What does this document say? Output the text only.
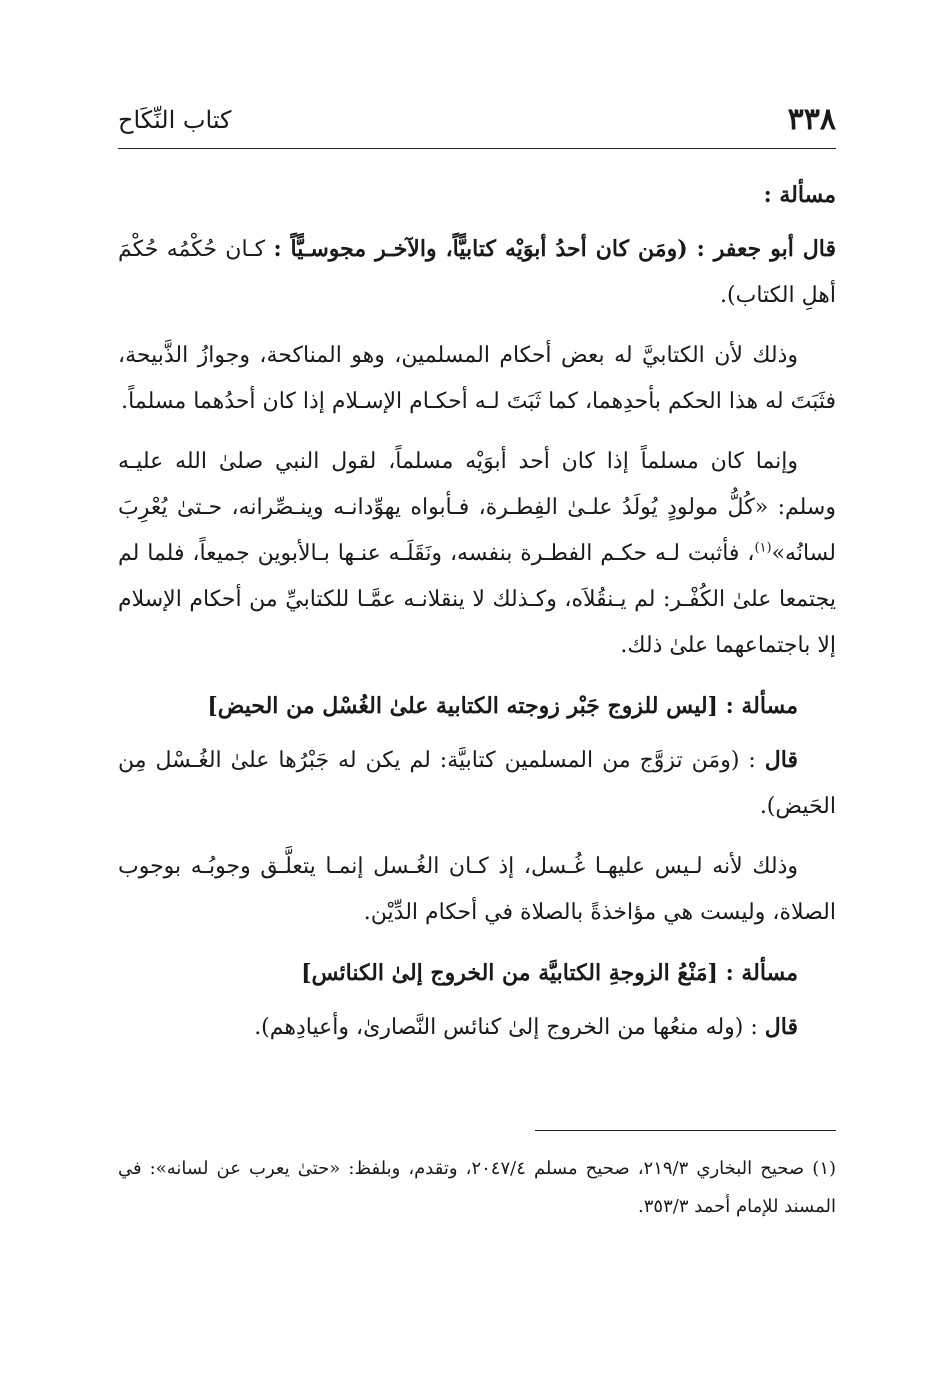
٣٣٨
كتاب النِّكَاح

مسألة :

قال أبو جعفر : (ومَن كان أحدُ أبوَيْه كتابيًّاً، والآخـر مجوسـيًّاً : كـان حُكْمُه حُكْمَ أهلِ الكتاب).

وذلك لأن الكتابيَّ له بعض أحكام المسلمين، وهو المناكحة، وجوازُ الذَّبيحة، فثَبَتَ له هذا الحكم بأحدِهما، كما ثَبَتَ لـه أحكـام الإسـلام إذا كان أحدُهما مسلماً.

وإنما كان مسلماً إذا كان أحد أبوَيْه مسلماً، لقول النبي صلىٰ الله عليـه وسلم: «كُلُّ مولودٍ يُولَدُ علـىٰ الفِطـرة، فـأبواه يهوِّدانـه وينـصِّرانه، حـتىٰ يُعْرِبَ لسانُه»$^{(١)}$، فأثبت لـه حكـم الفطـرة بنفسه، ونَقَلَـه عنـها بـالأبوين جميعاً، فلما لم يجتمعا علىٰ الكُفْـر: لم يـنقُلاَه، وكـذلك لا ينقلانـه عمَّـا للكتابيِّ من أحكام الإسلام إلا باجتماعهما علىٰ ذلك.

مسألة : [ليس للزوج جَبْر زوجته الكتابية علىٰ الغُسْل من الحيض]

قال : (ومَن تزوَّج من المسلمين كتابيَّة: لم يكن له جَبْرُها علىٰ الغُـسْل مِن الحَيض).

وذلك لأنه لـيس عليهـا غُـسل، إذ كـان الغُـسل إنمـا يتعلَّـق وجوبُـه بوجوب الصلاة، وليست هي مؤاخذةً بالصلاة في أحكام الدِّيْن.

مسألة : [مَنْعُ الزوجةِ الكتابيَّة من الخروج إلىٰ الكنائس]

قال : (وله منعُها من الخروج إلىٰ كنائس النَّصارىٰ، وأعيادِهم).

(١) صحيح البخاري ٢١٩/٣، صحيح مسلم ٢٠٤٧/٤، وتقدم، وبلفظ: «حتىٰ يعرب عن لسانه»: في المسند للإمام أحمد ٣٥٣/٣.
